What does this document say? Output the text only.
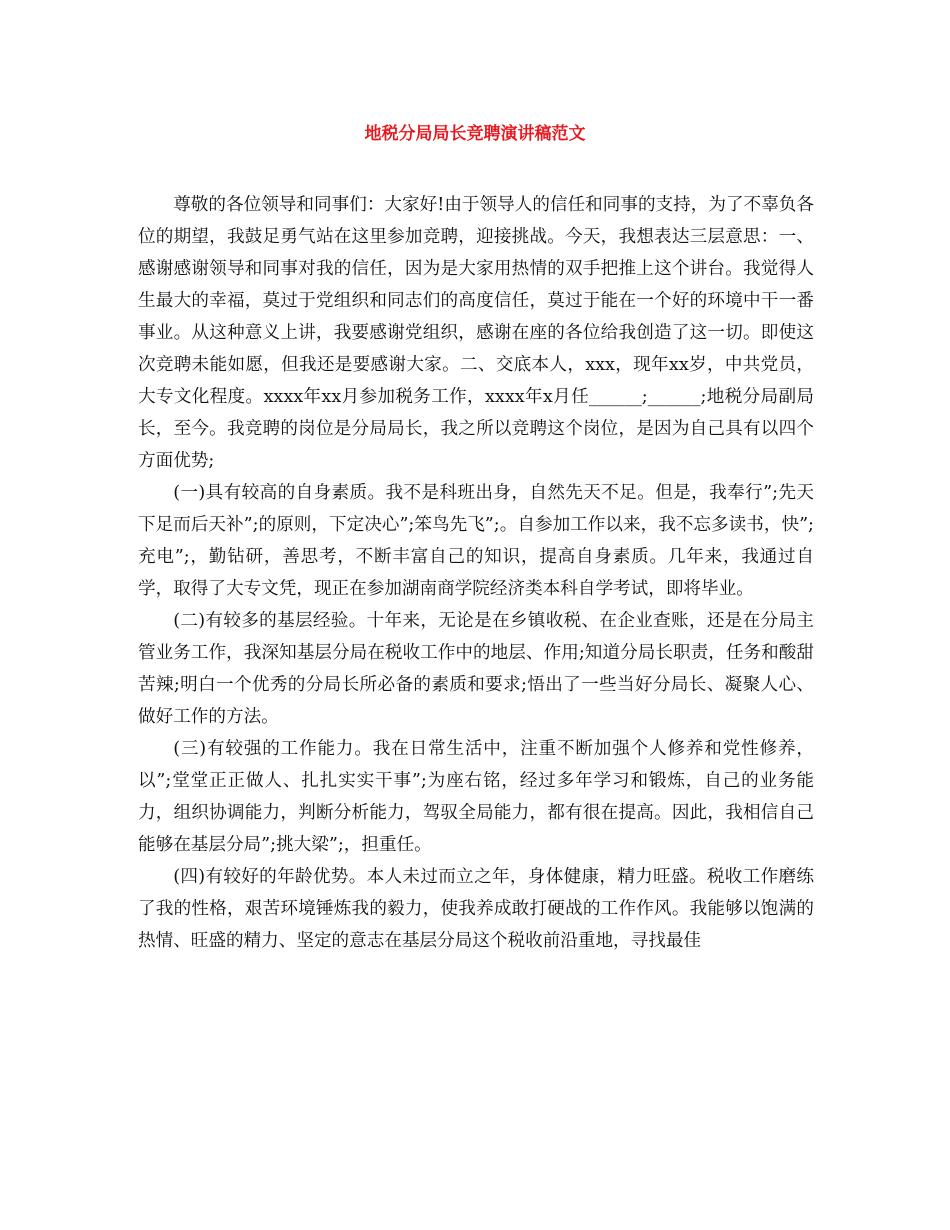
地税分局局长竞聘演讲稿范文

尊敬的各位领导和同事们：大家好!由于领导人的信任和同事的支持，为了不辜负各位的期望，我鼓足勇气站在这里参加竞聘，迎接挑战。今天，我想表达三层意思：一、感谢感谢领导和同事对我的信任，因为是大家用热情的双手把推上这个讲台。我觉得人生最大的幸福，莫过于党组织和同志们的高度信任，莫过于能在一个好的环境中干一番事业。从这种意义上讲，我要感谢党组织，感谢在座的各位给我创造了这一切。即使这次竞聘未能如愿，但我还是要感谢大家。二、交底本人，xxx，现年xx岁，中共党员，大专文化程度。xxxx年xx月参加税务工作，xxxx年x月任______;______;地税分局副局长，至今。我竞聘的岗位是分局局长，我之所以竞聘这个岗位，是因为自己具有以四个方面优势;

(一)具有较高的自身素质。我不是科班出身，自然先天不足。但是，我奉行”;先天下足而后天补”;的原则，下定决心”;笨鸟先飞”;。自参加工作以来，我不忘多读书，快”;充电”;，勤钻研，善思考，不断丰富自己的知识，提高自身素质。几年来，我通过自学，取得了大专文凭，现正在参加湖南商学院经济类本科自学考试，即将毕业。

(二)有较多的基层经验。十年来，无论是在乡镇收税、在企业查账，还是在分局主管业务工作，我深知基层分局在税收工作中的地层、作用;知道分局长职责，任务和酸甜苦辣;明白一个优秀的分局长所必备的素质和要求;悟出了一些当好分局长、凝聚人心、做好工作的方法。

(三)有较强的工作能力。我在日常生活中，注重不断加强个人修养和党性修养，以”;堂堂正正做人、扎扎实实干事”;为座右铭，经过多年学习和锻炼，自己的业务能力，组织协调能力，判断分析能力，驾驭全局能力，都有很在提高。因此，我相信自己能够在基层分局”;挑大梁”;，担重任。

(四)有较好的年龄优势。本人未过而立之年，身体健康，精力旺盛。税收工作磨练了我的性格，艰苦环境锤炼我的毅力，使我养成敢打硬战的工作作风。我能够以饱满的热情、旺盛的精力、坚定的意志在基层分局这个税收前沿重地，寻找最佳
